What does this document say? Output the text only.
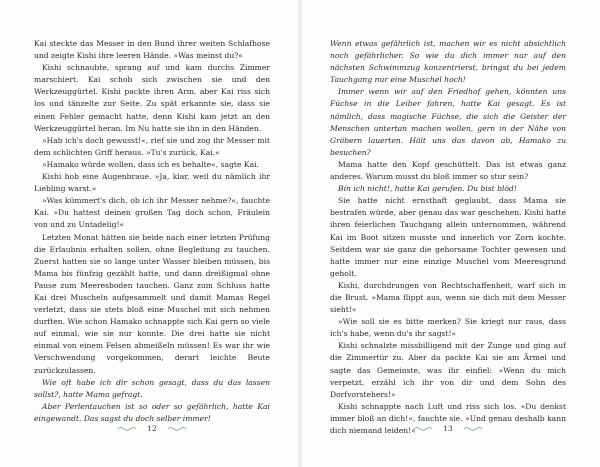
Kai steckte das Messer in den Bund ihrer weiten Schlafhose und zeigte Kishi ihre leeren Hände. »Was meinst du?«

Kishi schnaubte, sprang auf und kam durchs Zimmer marschiert. Kai schob sich zwischen sie und den Werkzeuggürtel. Kishi packte ihren Arm, aber Kai riss sich los und tänzelte zur Seite. Zu spät erkannte sie, dass sie einen Fehler gemacht hatte, denn Kishi kam jetzt an den Werkzeuggürtel heran. Im Nu hatte sie ihn in den Händen.

»Hab ich's doch gewusst!«, rief sie und zog ihr Messer mit dem schlichten Griff heraus. »Tu's zurück, Kai.«

»Hamako würde wollen, dass ich es behalte«, sagte Kai.

Kishi hob eine Augenbraue. »Ja, klar, weil du nämlich ihr Liebling warst.«

»Was kümmert's dich, ob ich ihr Messer nehme?«, fauchte Kai. »Du hattest deinen großen Tag doch schon, Fräulein von und zu Untadelig!«

Letzten Monat hätten sie beide nach einer letzten Prüfung die Erlaubnis erhalten sollen, ohne Begleitung zu tauchen. Zuerst hatten sie so lange unter Wasser bleiben müssen, bis Mama bis fünfzig gezählt hatte, und dann dreißigmal ohne Pause zum Meeresboden tauchen. Ganz zum Schluss hatte Kai drei Muscheln aufgesammelt und damit Mamas Regel verletzt, dass sie stets bloß eine Muschel mit sich nehmen durften. Wie schon Hamako schnappte sich Kai gern so viele auf einmal, wie sie nur konnte. Die drei hatte sie nicht einmal von einem Felsen abmeißeln müssen! Es war ihr wie Verschwendung vorgekommen, derart leichte Beute zurückzulassen.

Wie oft habe ich dir schon gesagt, dass du das lassen sollst?, hatte Mama gefragt.

Aber Perlentauchen ist so oder so gefährlich, hatte Kai eingewandt. Das sagst du doch selber immer!

Wenn etwas gefährlich ist, machen wir es nicht absichtlich noch gefährlicher. So wie du dich immer nur auf den nächsten Schwimmzug konzentrierst, bringst du bei jedem Tauchgang nur eine Muschel hoch!

Immer wenn wir auf den Friedhof gehen, könnten uns Füchse in die Leiber fahren, hatte Kai gesagt. Es ist nämlich, dass magische Füchse, die sich die Geister der Menschen untertan machen wollen, gern in der Nähe von Gräbern lauerten. Hält uns das davon ab, Hamako zu besuchen?

Mama hatte den Kopf geschüttelt. Das ist etwas ganz anderes. Warum musst du bloß immer so stur sein?

Bin ich nicht!, hatte Kai gerufen. Du bist blöd!

Sie hatte nicht ernsthaft geglaubt, dass Mama sie bestrafen würde, aber genau das war geschehen. Kishi hatte ihren feierlichen Tauchgang allein unternommen, während Kai im Boot sitzen musste und innerlich vor Zorn kochte. Seitdem war sie ganz die gehorsame Tochter gewesen und hatte immer nur eine einzige Muschel vom Meeresgrund geholt.

Kishi, durchdrungen von Rechtschaffenheit, warf sich in die Brust. »Mama flippt aus, wenn sie dich mit dem Messer sieht!«

»Wie soll sie es bitte merken? Sie kriegt nur raus, dass ich's habe, wenn du's ihr sagst!«

Kishi schnalzte missbilligend mit der Zunge und ging auf die Zimmertür zu. Aber da packte Kai sie am Ärmel und sagte das Gemeinste, was ihr einfiel: »Wenn du mich verpetzt, erzähl ich ihr von dir und dem Sohn des Dorfvorstehers!«

Kishi schnappte nach Luft und riss sich los. »Du denkst immer bloß an dich!«, fauchte sie. »Und genau deshalb kann dich niemand leiden!«

12	13
